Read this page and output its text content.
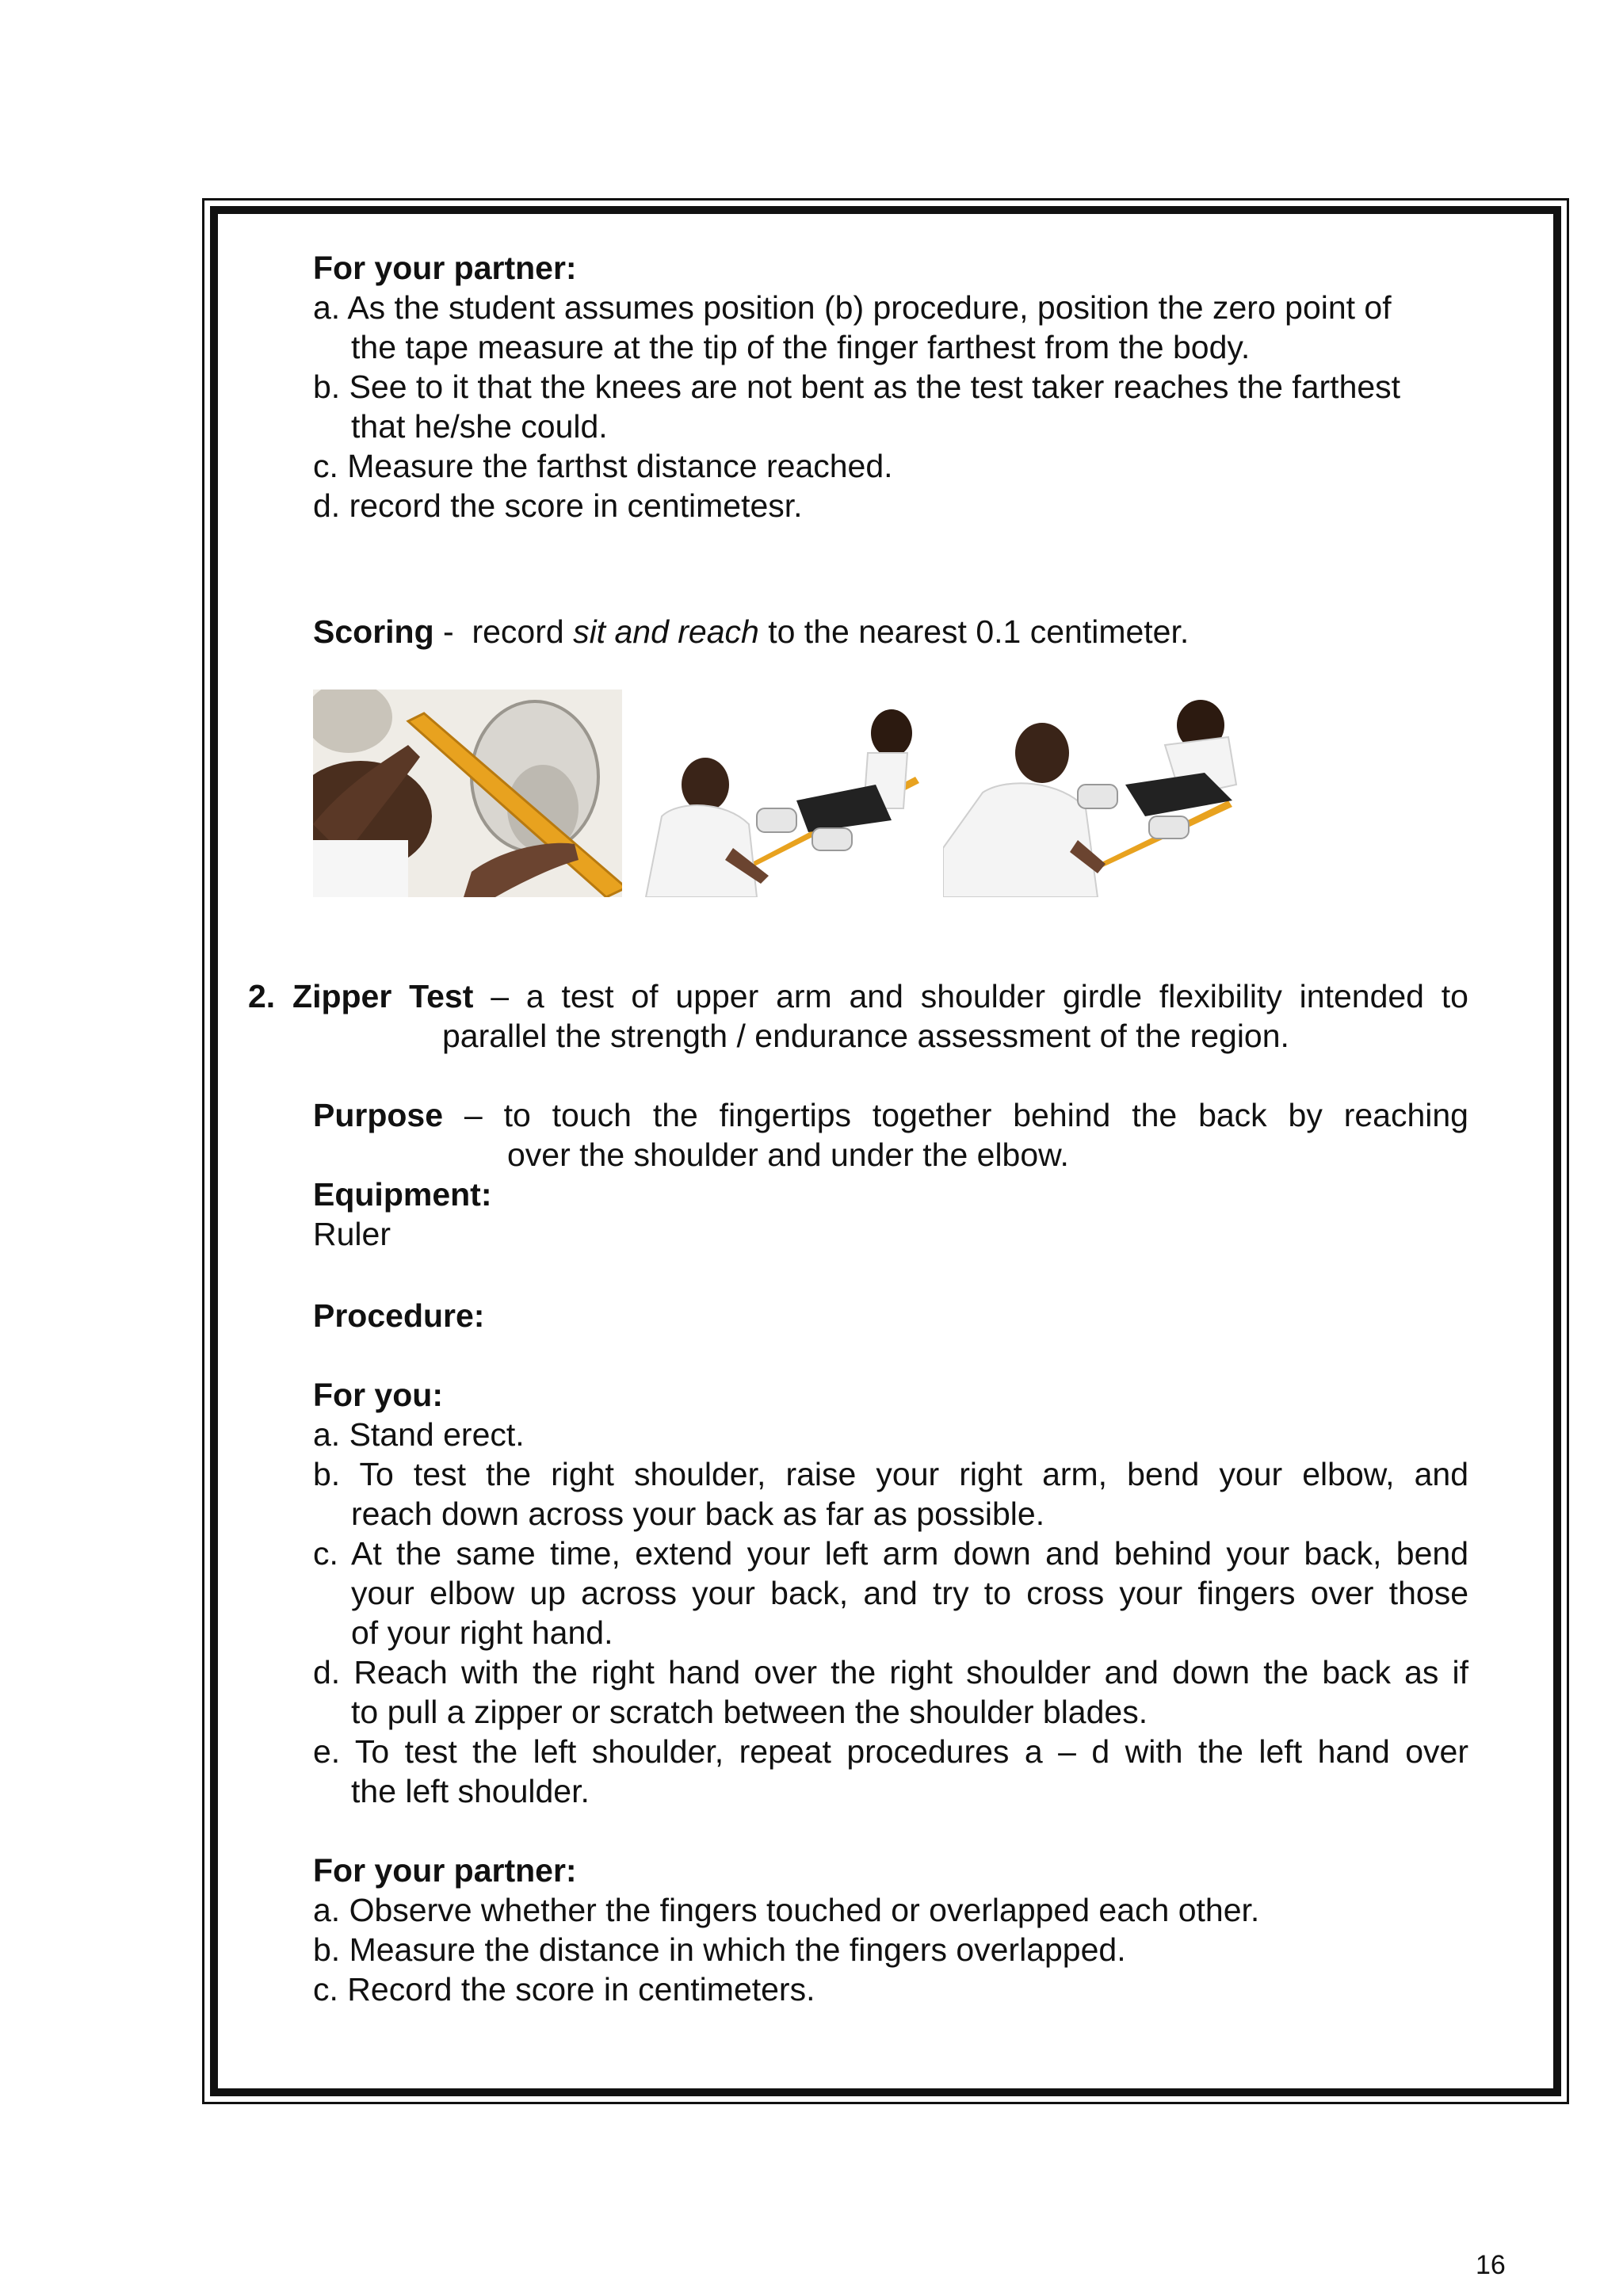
For your partner:
a. As the student assumes position (b) procedure, position the zero point of
the tape measure at the tip of the finger farthest from the body.
b. See to it that the knees are not bent as the test taker reaches the farthest
that he/she could.
c. Measure the farthst distance reached.
d. record the score in centimetesr.
Scoring -  record sit and reach to the nearest 0.1 centimeter.
2. Zipper Test – a test of upper arm and shoulder girdle flexibility intended to
parallel the strength / endurance assessment of the region.
Purpose – to touch the fingertips together behind the back by reaching
over the shoulder and under the elbow.
Equipment:
Ruler
Procedure:
For you:
a. Stand erect.
b. To test the right shoulder, raise your right arm, bend your elbow, and
reach down across your back as far as possible.
c. At the same time, extend your left arm down and behind your back, bend
your elbow up across your back, and try to cross your fingers over those
of your right hand.
d. Reach with the right hand over the right shoulder and down the back as if
to pull a zipper or scratch between the shoulder blades.
e. To test the left shoulder, repeat procedures a – d with the left hand over
the left shoulder.
For your partner:
a. Observe whether the fingers touched or overlapped each other.
b. Measure the distance in which the fingers overlapped.
c. Record the score in centimeters.
16
